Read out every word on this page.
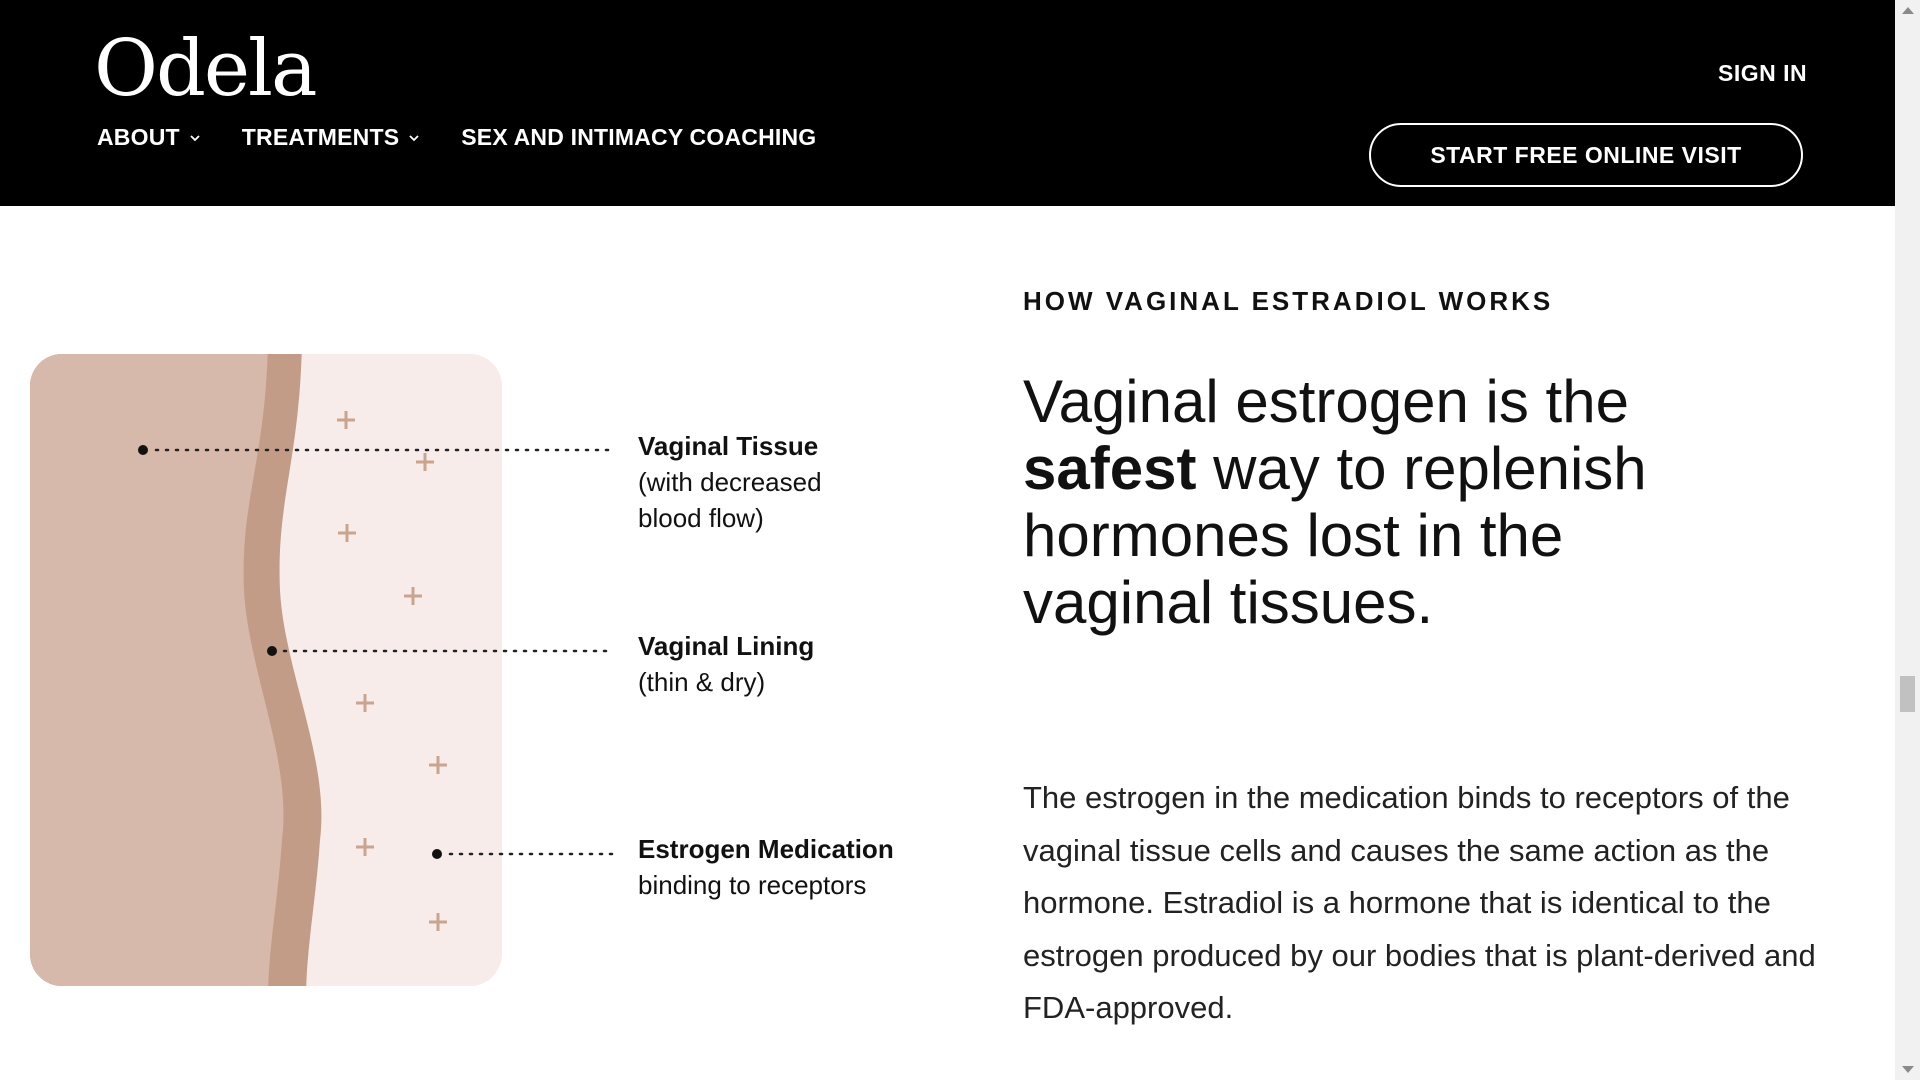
Odela	SIGN IN
ABOUT	TREATMENTS	SEX AND INTIMACY COACHING
START FREE ONLINE VISIT
Vaginal Tissue
(with decreased
blood flow)
Vaginal Lining
(thin & dry)
Estrogen Medication
binding to receptors
HOW VAGINAL ESTRADIOL WORKS
Vaginal estrogen is the safest way to replenish hormones lost in the vaginal tissues.
The estrogen in the medication binds to receptors of the vaginal tissue cells and causes the same action as the hormone. Estradiol is a hormone that is identical to the estrogen produced by our bodies that is plant-derived and FDA-approved.
